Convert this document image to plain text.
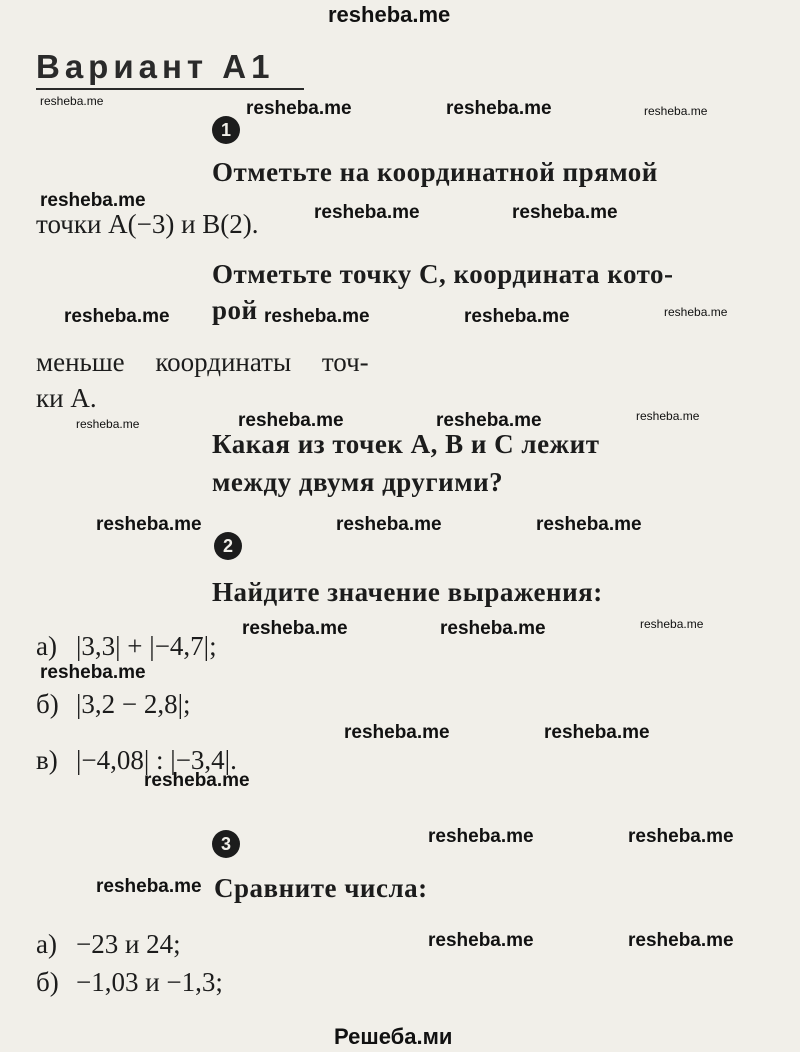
resheba.me
Вариант А1
1
Отметьте на координатной прямой
точки A(−3) и B(2).
Отметьте точку C, координата кото-
рой
меньше координаты точ-
ки A.
Какая из точек A, B и C лежит
между двумя другими?
2
Найдите значение выражения:
а) |3,3| + |−4,7|;
б) |3,2 − 2,8|;
в) |−4,08| : |−3,4|.
3
Сравните числа:
а) −23 и 24;
б) −1,03 и −1,3;
resheba.me	resheba.me
resheba.me
resheba.me	resheba.me
resheba.me	resheba.me	resheba.me
resheba.me	resheba.me
resheba.me	resheba.me	resheba.me
resheba.me	resheba.me
resheba.me
resheba.me	resheba.me
resheba.me
resheba.me	resheba.me
resheba.me
resheba.me	resheba.me
resheba.me
resheba.me
resheba.me
resheba.me
resheba.me
resheba.me
Решеба.ми
